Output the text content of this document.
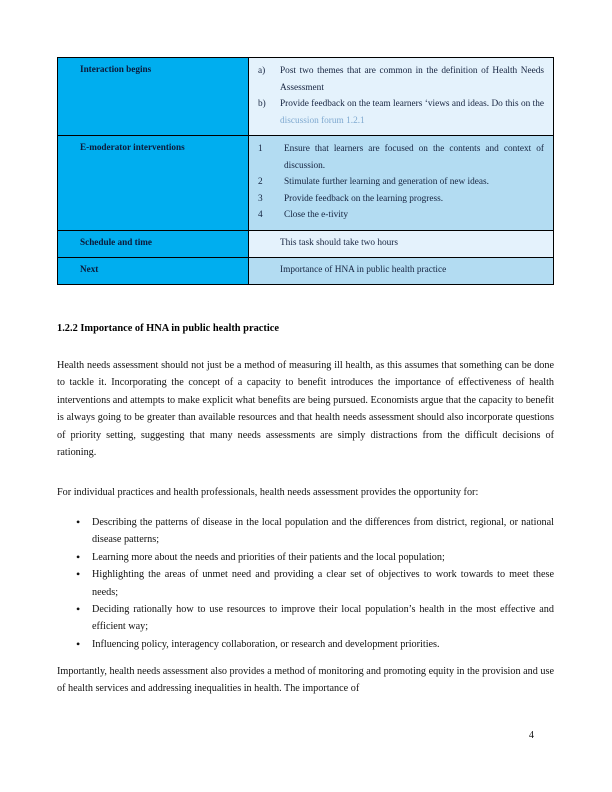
Interaction begins	a) Post two themes that are common in the definition of Health Needs Assessment
b) Provide feedback on the team learners ‘views and ideas. Do this on the discussion forum 1.2.1

E-moderator interventions	1	Ensure that learners are focused on the contents and context of discussion.
2	Stimulate further learning and generation of new ideas.
3	Provide feedback on the learning progress.
4	Close the e-tivity

Schedule and time	This task should take two hours

Next	Importance of HNA in public health practice
1.2.2 Importance of HNA in public health practice
Health needs assessment should not just be a method of measuring ill health, as this assumes that something can be done to tackle it. Incorporating the concept of a capacity to benefit introduces the importance of effectiveness of health interventions and attempts to make explicit what benefits are being pursued. Economists argue that the capacity to benefit is always going to be greater than available resources and that health needs assessment should also incorporate questions of priority setting, suggesting that many needs assessments are simply distractions from the difficult decisions of rationing.
For individual practices and health professionals, health needs assessment provides the opportunity for:
•	Describing the patterns of disease in the local population and the differences from district, regional, or national disease patterns;
•	Learning more about the needs and priorities of their patients and the local population;
•	Highlighting the areas of unmet need and providing a clear set of objectives to work towards to meet these needs;
•	Deciding rationally how to use resources to improve their local population’s health in the most effective and efficient way;
•	Influencing policy, interagency collaboration, or research and development priorities.
Importantly, health needs assessment also provides a method of monitoring and promoting equity in the provision and use of health services and addressing inequalities in health. The importance of
4
